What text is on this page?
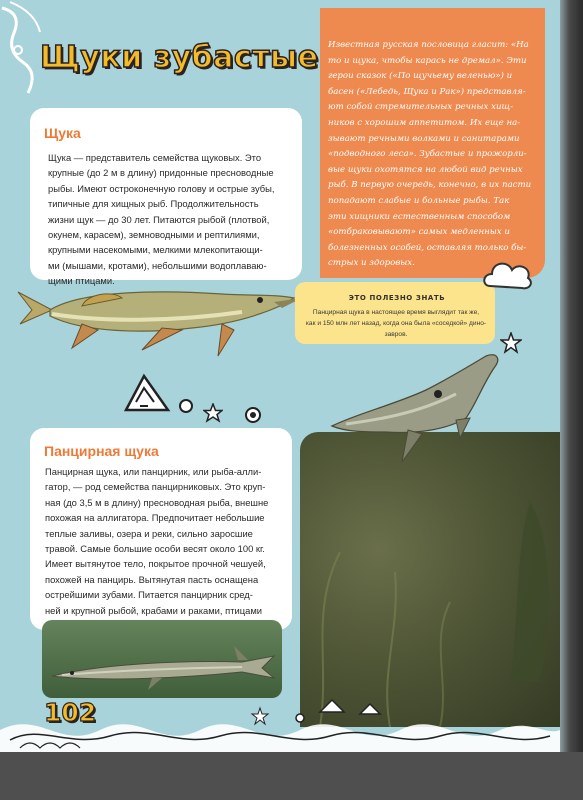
Щуки зубастые Известная русская пословица гласит: «На

то и щука, чтобы карась не дремал». Эти

герои сказок («По щучьему веленью») и

басен («Лебедь, Щука и Рак») представля-

ют собой стремительных речных хищ-

ников с хорошим аппетитом. Их еще на-

зывают речными волками и санитарами

«подводного леса». Зубастые и прожорли-

вые щуки охотятся на любой вид речных

рыб. В первую очередь, конечно, в их пасти

попадают слабые и больные рыбы. Так

эти хищники естественным способом

«отбраковывают» самых медленных и

болезненных особей, оставляя только бы-

стрых и здоровых.

Щука
Щука — представитель семейства щуковых. Это
крупные (до 2 м в длину) придонные пресноводные
рыбы. Имеют остроконечную голову и острые зубы,
типичные для хищных рыб. Продолжительность
жизни щук — до 30 лет. Питаются рыбой (плотвой,
окунем, карасем), земноводными и рептилиями,
крупными насекомыми, мелкими млекопитающи-
ми (мышами, кротами), небольшими водоплаваю-
щими птицами.
ЭТО ПОЛЕЗНО ЗНАТЬ
Панцирная щука в настоящее время выглядит так же,
как и 150 млн лет назад, когда она была «соседкой» дино-
завров.
Панцирная щука
Панцирная щука, или панцирник, или рыба-алли-
гатор, — род семейства панцирниковых. Это круп-
ная (до 3,5 м в длину) пресноводная рыба, внешне
похожая на аллигатора. Предпочитает небольшие
теплые заливы, озера и реки, сильно заросшие
травой. Самые большие особи весят около 100 кг.
Имеет вытянутое тело, покрытое прочной чешуей,
похожей на панцирь. Вытянутая пасть оснащена
острейшими зубами. Питается панцирник сред-
ней и крупной рыбой, крабами и раками, птицами
102
